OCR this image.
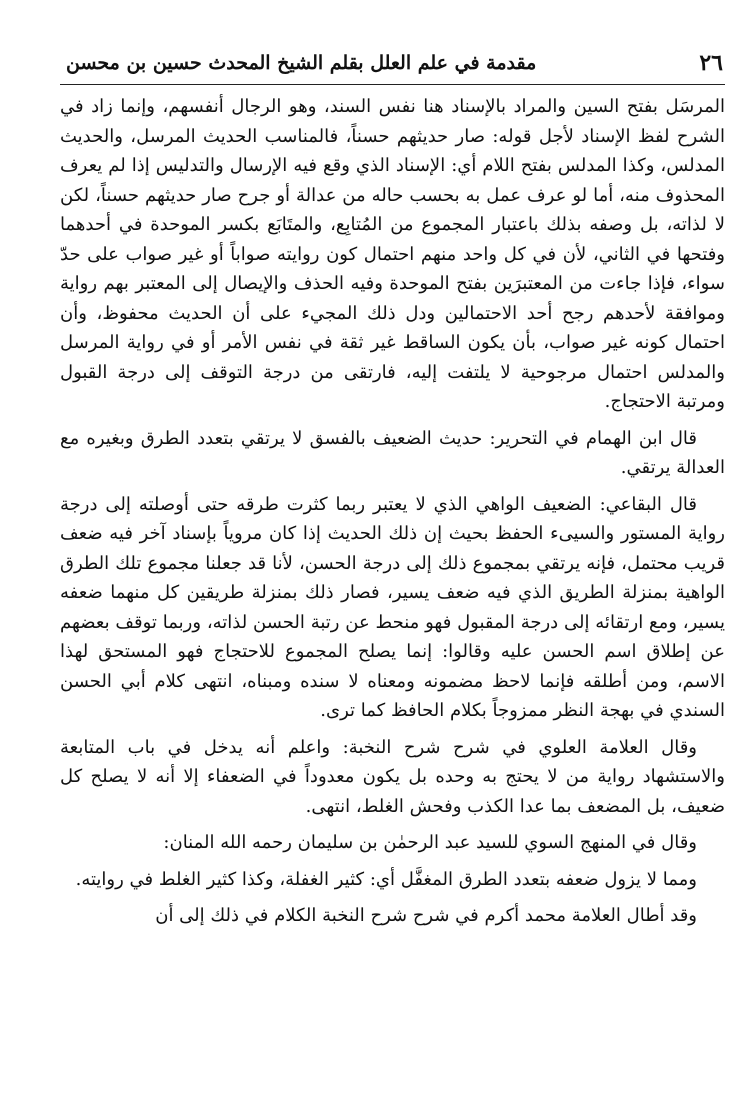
٢٦
مقدمة في علم العلل بقلم الشيخ المحدث حسين بن محسن

المرسَل بفتح السين والمراد بالإسناد هنا نفس السند، وهو الرجال أنفسهم، وإنما زاد في الشرح لفظ الإسناد لأجل قوله: صار حديثهم حسناً، فالمناسب الحديث المرسل، والحديث المدلس، وكذا المدلس بفتح اللام أي: الإسناد الذي وقع فيه الإرسال والتدليس إذا لم يعرف المحذوف منه، أما لو عرف عمل به بحسب حاله من عدالة أو جرح صار حديثهم حسناً، لكن لا لذاته، بل وصفه بذلك باعتبار المجموع من المُتابِع، والمتَابَع بكسر الموحدة في أحدهما وفتحها في الثاني، لأن في كل واحد منهم احتمال كون روايته صواباً أو غير صواب على حدّ سواء، فإذا جاءت من المعتبرَين بفتح الموحدة وفيه الحذف والإيصال إلى المعتبر بهم رواية وموافقة لأحدهم رجح أحد الاحتمالين ودل ذلك المجيء على أن الحديث محفوظ، وأن احتمال كونه غير صواب، بأن يكون الساقط غير ثقة في نفس الأمر أو في رواية المرسل والمدلس احتمال مرجوحية لا يلتفت إليه، فارتقى من درجة التوقف إلى درجة القبول ومرتبة الاحتجاج.

قال ابن الهمام في التحرير: حديث الضعيف بالفسق لا يرتقي بتعدد الطرق وبغيره مع العدالة يرتقي.

قال البقاعي: الضعيف الواهي الذي لا يعتبر ربما كثرت طرقه حتى أوصلته إلى درجة رواية المستور والسيىء الحفظ بحيث إن ذلك الحديث إذا كان مروياً بإسناد آخر فيه ضعف قريب محتمل، فإنه يرتقي بمجموع ذلك إلى درجة الحسن، لأنا قد جعلنا مجموع تلك الطرق الواهية بمنزلة الطريق الذي فيه ضعف يسير، فصار ذلك بمنزلة طريقين كل منهما ضعفه يسير، ومع ارتقائه إلى درجة المقبول فهو منحط عن رتبة الحسن لذاته، وربما توقف بعضهم عن إطلاق اسم الحسن عليه وقالوا: إنما يصلح المجموع للاحتجاج فهو المستحق لهذا الاسم، ومن أطلقه فإنما لاحظ مضمونه ومعناه لا سنده ومبناه، انتهى كلام أبي الحسن السندي في بهجة النظر ممزوجاً بكلام الحافظ كما ترى.

وقال العلامة العلوي في شرح شرح النخبة: واعلم أنه يدخل في باب المتابعة والاستشهاد رواية من لا يحتج به وحده بل يكون معدوداً في الضعفاء إلا أنه لا يصلح كل ضعيف، بل المضعف بما عدا الكذب وفحش الغلط، انتهى.

وقال في المنهج السوي للسيد عبد الرحمٰن بن سليمان رحمه الله المنان:

ومما لا يزول ضعفه بتعدد الطرق المغفَّل أي: كثير الغفلة، وكذا كثير الغلط في روايته.

وقد أطال العلامة محمد أكرم في شرح شرح النخبة الكلام في ذلك إلى أن
